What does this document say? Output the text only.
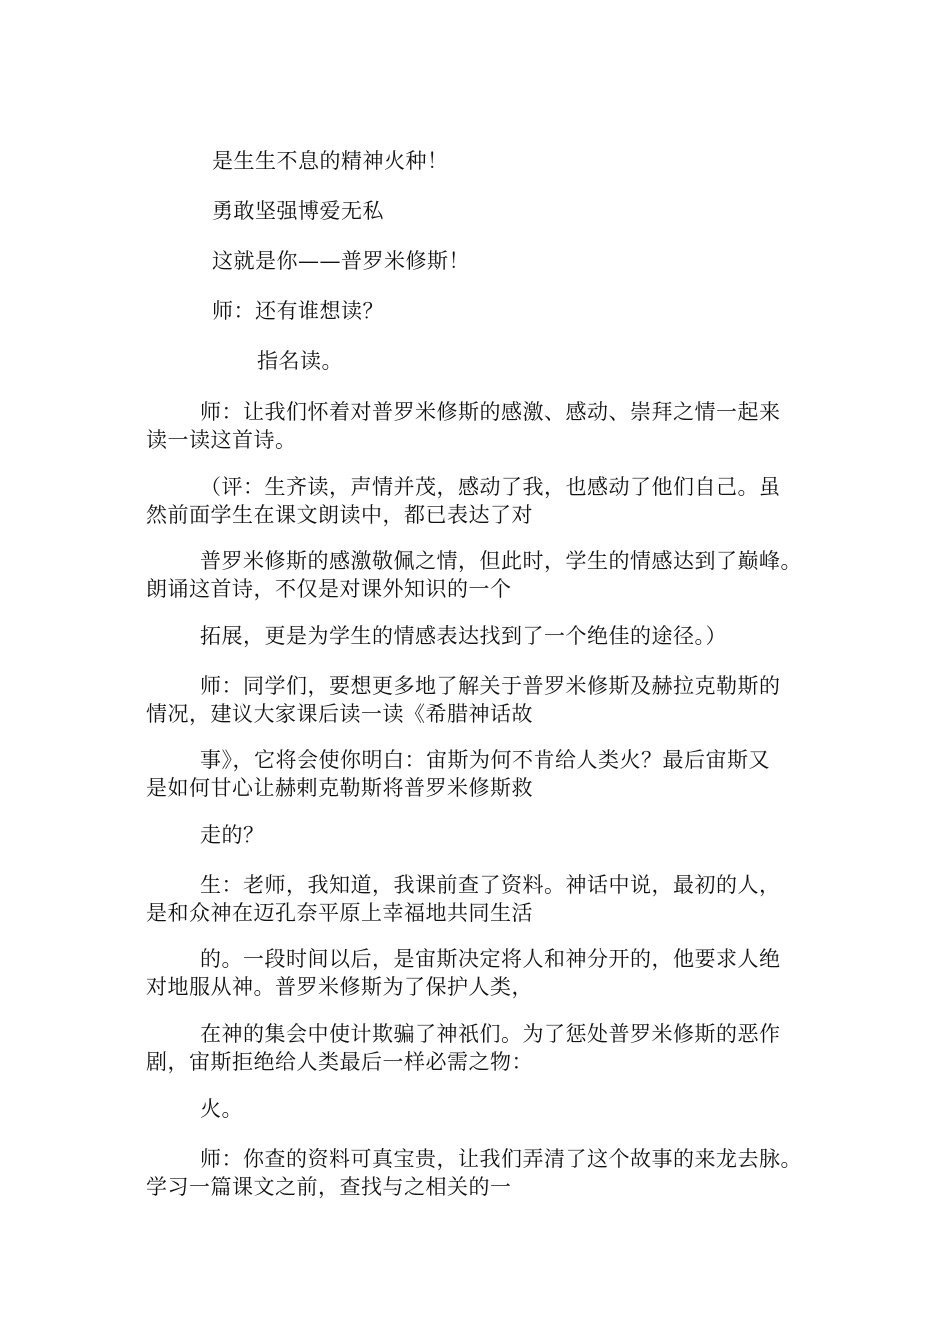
是生生不息的精神火种！
勇敢坚强博爱无私
这就是你——普罗米修斯！
师：还有谁想读？
指名读。
师：让我们怀着对普罗米修斯的感激、感动、崇拜之情一起来
读一读这首诗。
（评：生齐读，声情并茂，感动了我，也感动了他们自己。虽
然前面学生在课文朗读中，都已表达了对
普罗米修斯的感激敬佩之情，但此时，学生的情感达到了巅峰。
朗诵这首诗，不仅是对课外知识的一个
拓展，更是为学生的情感表达找到了一个绝佳的途径。）
师：同学们，要想更多地了解关于普罗米修斯及赫拉克勒斯的
情况，建议大家课后读一读《希腊神话故
事》，它将会使你明白：宙斯为何不肯给人类火？最后宙斯又
是如何甘心让赫剌克勒斯将普罗米修斯救
走的？
生：老师，我知道，我课前查了资料。神话中说，最初的人，
是和众神在迈孔奈平原上幸福地共同生活
的。一段时间以后，是宙斯决定将人和神分开的，他要求人绝
对地服从神。普罗米修斯为了保护人类，
在神的集会中使计欺骗了神祇们。为了惩处普罗米修斯的恶作
剧，宙斯拒绝给人类最后一样必需之物：
火。
师：你查的资料可真宝贵，让我们弄清了这个故事的来龙去脉。
学习一篇课文之前，查找与之相关的一
